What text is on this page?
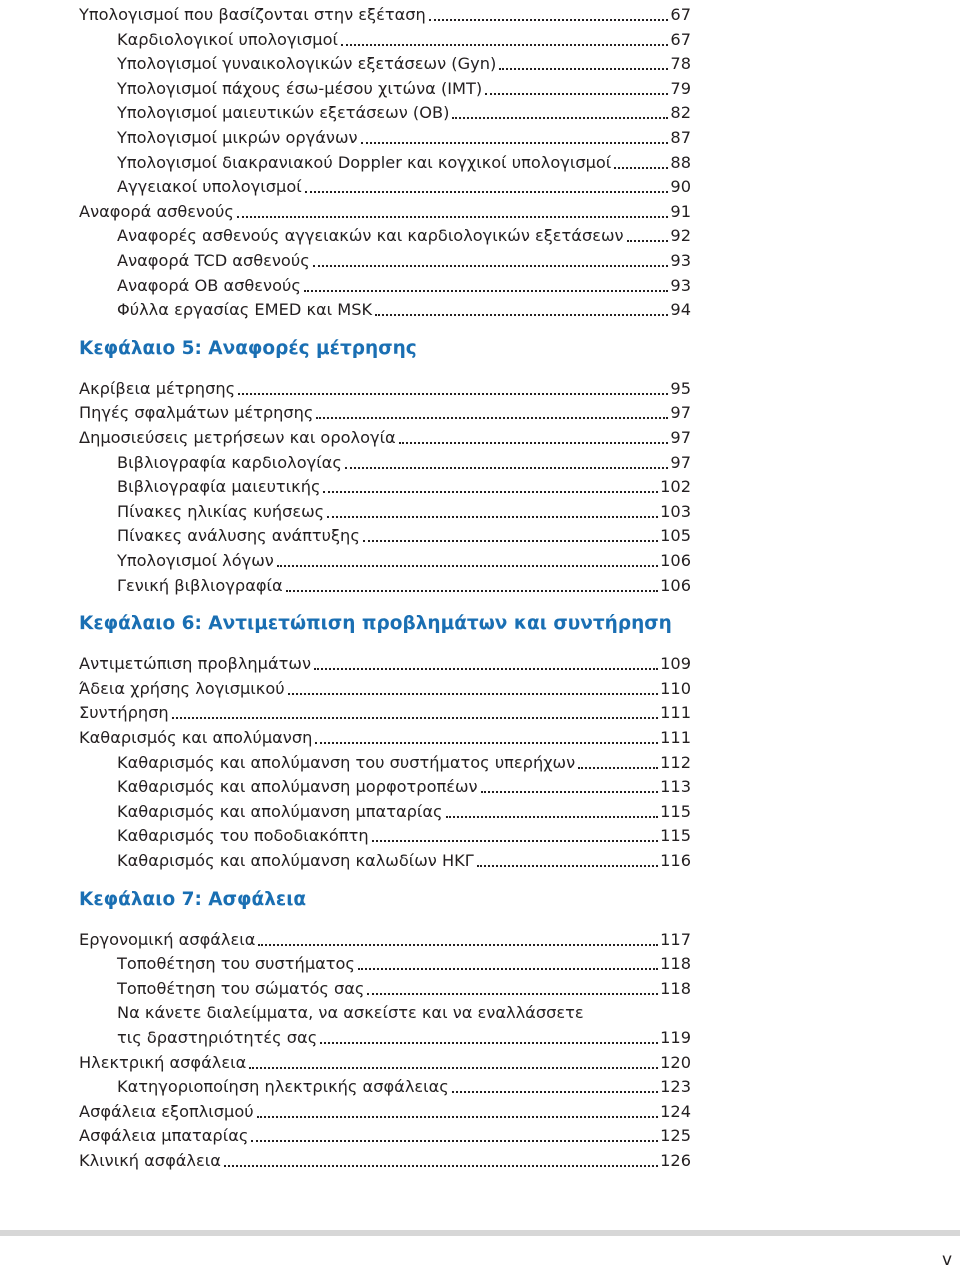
Υπολογισμοί που βασίζονται στην εξέταση	67
Καρδιολογικοί υπολογισμοί	67
Υπολογισμοί γυναικολογικών εξετάσεων (Gyn)	78
Υπολογισμοί πάχους έσω-μέσου χιτώνα (IMT)	79
Υπολογισμοί μαιευτικών εξετάσεων (OB)	82
Υπολογισμοί μικρών οργάνων	87
Υπολογισμοί διακρανιακού Doppler και κογχικοί υπολογισμοί	88
Αγγειακοί υπολογισμοί	90
Αναφορά ασθενούς	91
Αναφορές ασθενούς αγγειακών και καρδιολογικών εξετάσεων	92
Αναφορά TCD ασθενούς	93
Αναφορά OB ασθενούς	93
Φύλλα εργασίας EMED και MSK	94
Κεφάλαιο 5: Αναφορές μέτρησης
Ακρίβεια μέτρησης	95
Πηγές σφαλμάτων μέτρησης	97
Δημοσιεύσεις μετρήσεων και ορολογία	97
Βιβλιογραφία καρδιολογίας	97
Βιβλιογραφία μαιευτικής	102
Πίνακες ηλικίας κυήσεως	103
Πίνακες ανάλυσης ανάπτυξης	105
Υπολογισμοί λόγων	106
Γενική βιβλιογραφία	106
Κεφάλαιο 6: Αντιμετώπιση προβλημάτων και συντήρηση
Αντιμετώπιση προβλημάτων	109
Άδεια χρήσης λογισμικού	110
Συντήρηση	111
Καθαρισμός και απολύμανση	111
Καθαρισμός και απολύμανση του συστήματος υπερήχων	112
Καθαρισμός και απολύμανση μορφοτροπέων	113
Καθαρισμός και απολύμανση μπαταρίας	115
Καθαρισμός του ποδοδιακόπτη	115
Καθαρισμός και απολύμανση καλωδίων ΗΚΓ	116
Κεφάλαιο 7: Ασφάλεια
Εργονομική ασφάλεια	117
Τοποθέτηση του συστήματος	118
Τοποθέτηση του σώματός σας	118
Να κάνετε διαλείμματα, να ασκείστε και να εναλλάσσετε
τις δραστηριότητές σας	119
Ηλεκτρική ασφάλεια	120
Κατηγοριοποίηση ηλεκτρικής ασφάλειας	123
Ασφάλεια εξοπλισμού	124
Ασφάλεια μπαταρίας	125
Κλινική ασφάλεια	126
v
